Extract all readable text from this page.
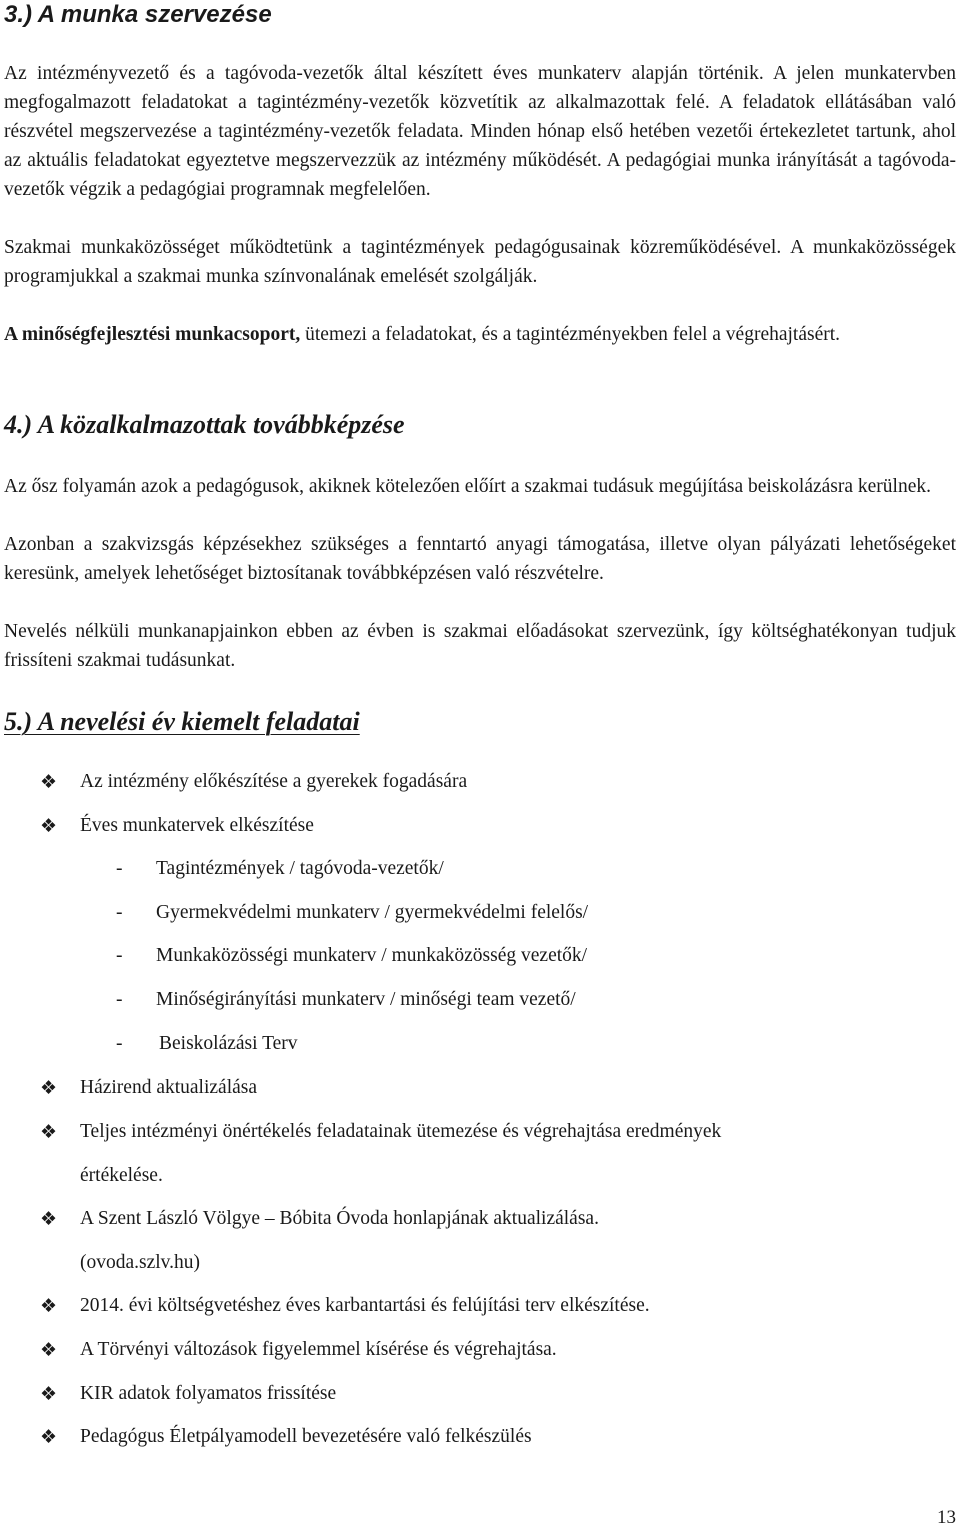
3.) A munka szervezése

Az intézményvezető és a tagóvoda-vezetők által készített éves munkaterv alapján történik. A jelen munkatervben megfogalmazott feladatokat a tagintézmény-vezetők közvetítik az alkalmazottak felé. A feladatok ellátásában való részvétel megszervezése a tagintézmény-vezetők feladata. Minden hónap első hetében vezetői értekezletet tartunk, ahol az aktuális feladatokat egyeztetve megszervezzük az intézmény működését. A pedagógiai munka irányítását a tagóvoda-vezetők végzik a pedagógiai programnak megfelelően.

Szakmai munkaközösséget működtetünk a tagintézmények pedagógusainak közreműködésével. A munkaközösségek programjukkal a szakmai munka színvonalának emelését szolgálják.

A minőségfejlesztési munkacsoport, ütemezi a feladatokat, és a tagintézményekben felel a végrehajtásért.

4.) A közalkalmazottak továbbképzése

Az ősz folyamán azok a pedagógusok, akiknek kötelezően előírt a szakmai tudásuk megújítása beiskolázásra kerülnek.

Azonban a szakvizsgás képzésekhez szükséges a fenntartó anyagi támogatása, illetve olyan pályázati lehetőségeket keresünk, amelyek lehetőséget biztosítanak továbbképzésen való részvételre.

Nevelés nélküli munkanapjainkon ebben az évben is szakmai előadásokat szervezünk, így költséghatékonyan tudjuk frissíteni szakmai tudásunkat.

5.) A nevelési év kiemelt feladatai
❖	Az intézmény előkészítése a gyerekek fogadására
❖	Éves munkatervek elkészítése
- Tagintézmények / tagóvoda-vezetők/
- Gyermekvédelmi munkaterv / gyermekvédelmi felelős/
- Munkaközösségi munkaterv / munkaközösség vezetők/
- Minőségirányítási munkaterv / minőségi team vezető/
- Beiskolázási Terv
❖	Házirend aktualizálása
❖	Teljes intézményi önértékelés feladatainak ütemezése és végrehajtása eredmények
értékelése.
❖	A Szent László Völgye – Bóbita Óvoda honlapjának aktualizálása.
(ovoda.szlv.hu)
❖	2014. évi költségvetéshez éves karbantartási és felújítási terv elkészítése.
❖	A Törvényi változások figyelemmel kísérése és végrehajtása.
❖	KIR adatok folyamatos frissítése
❖	Pedagógus Életpályamodell bevezetésére való felkészülés
13
